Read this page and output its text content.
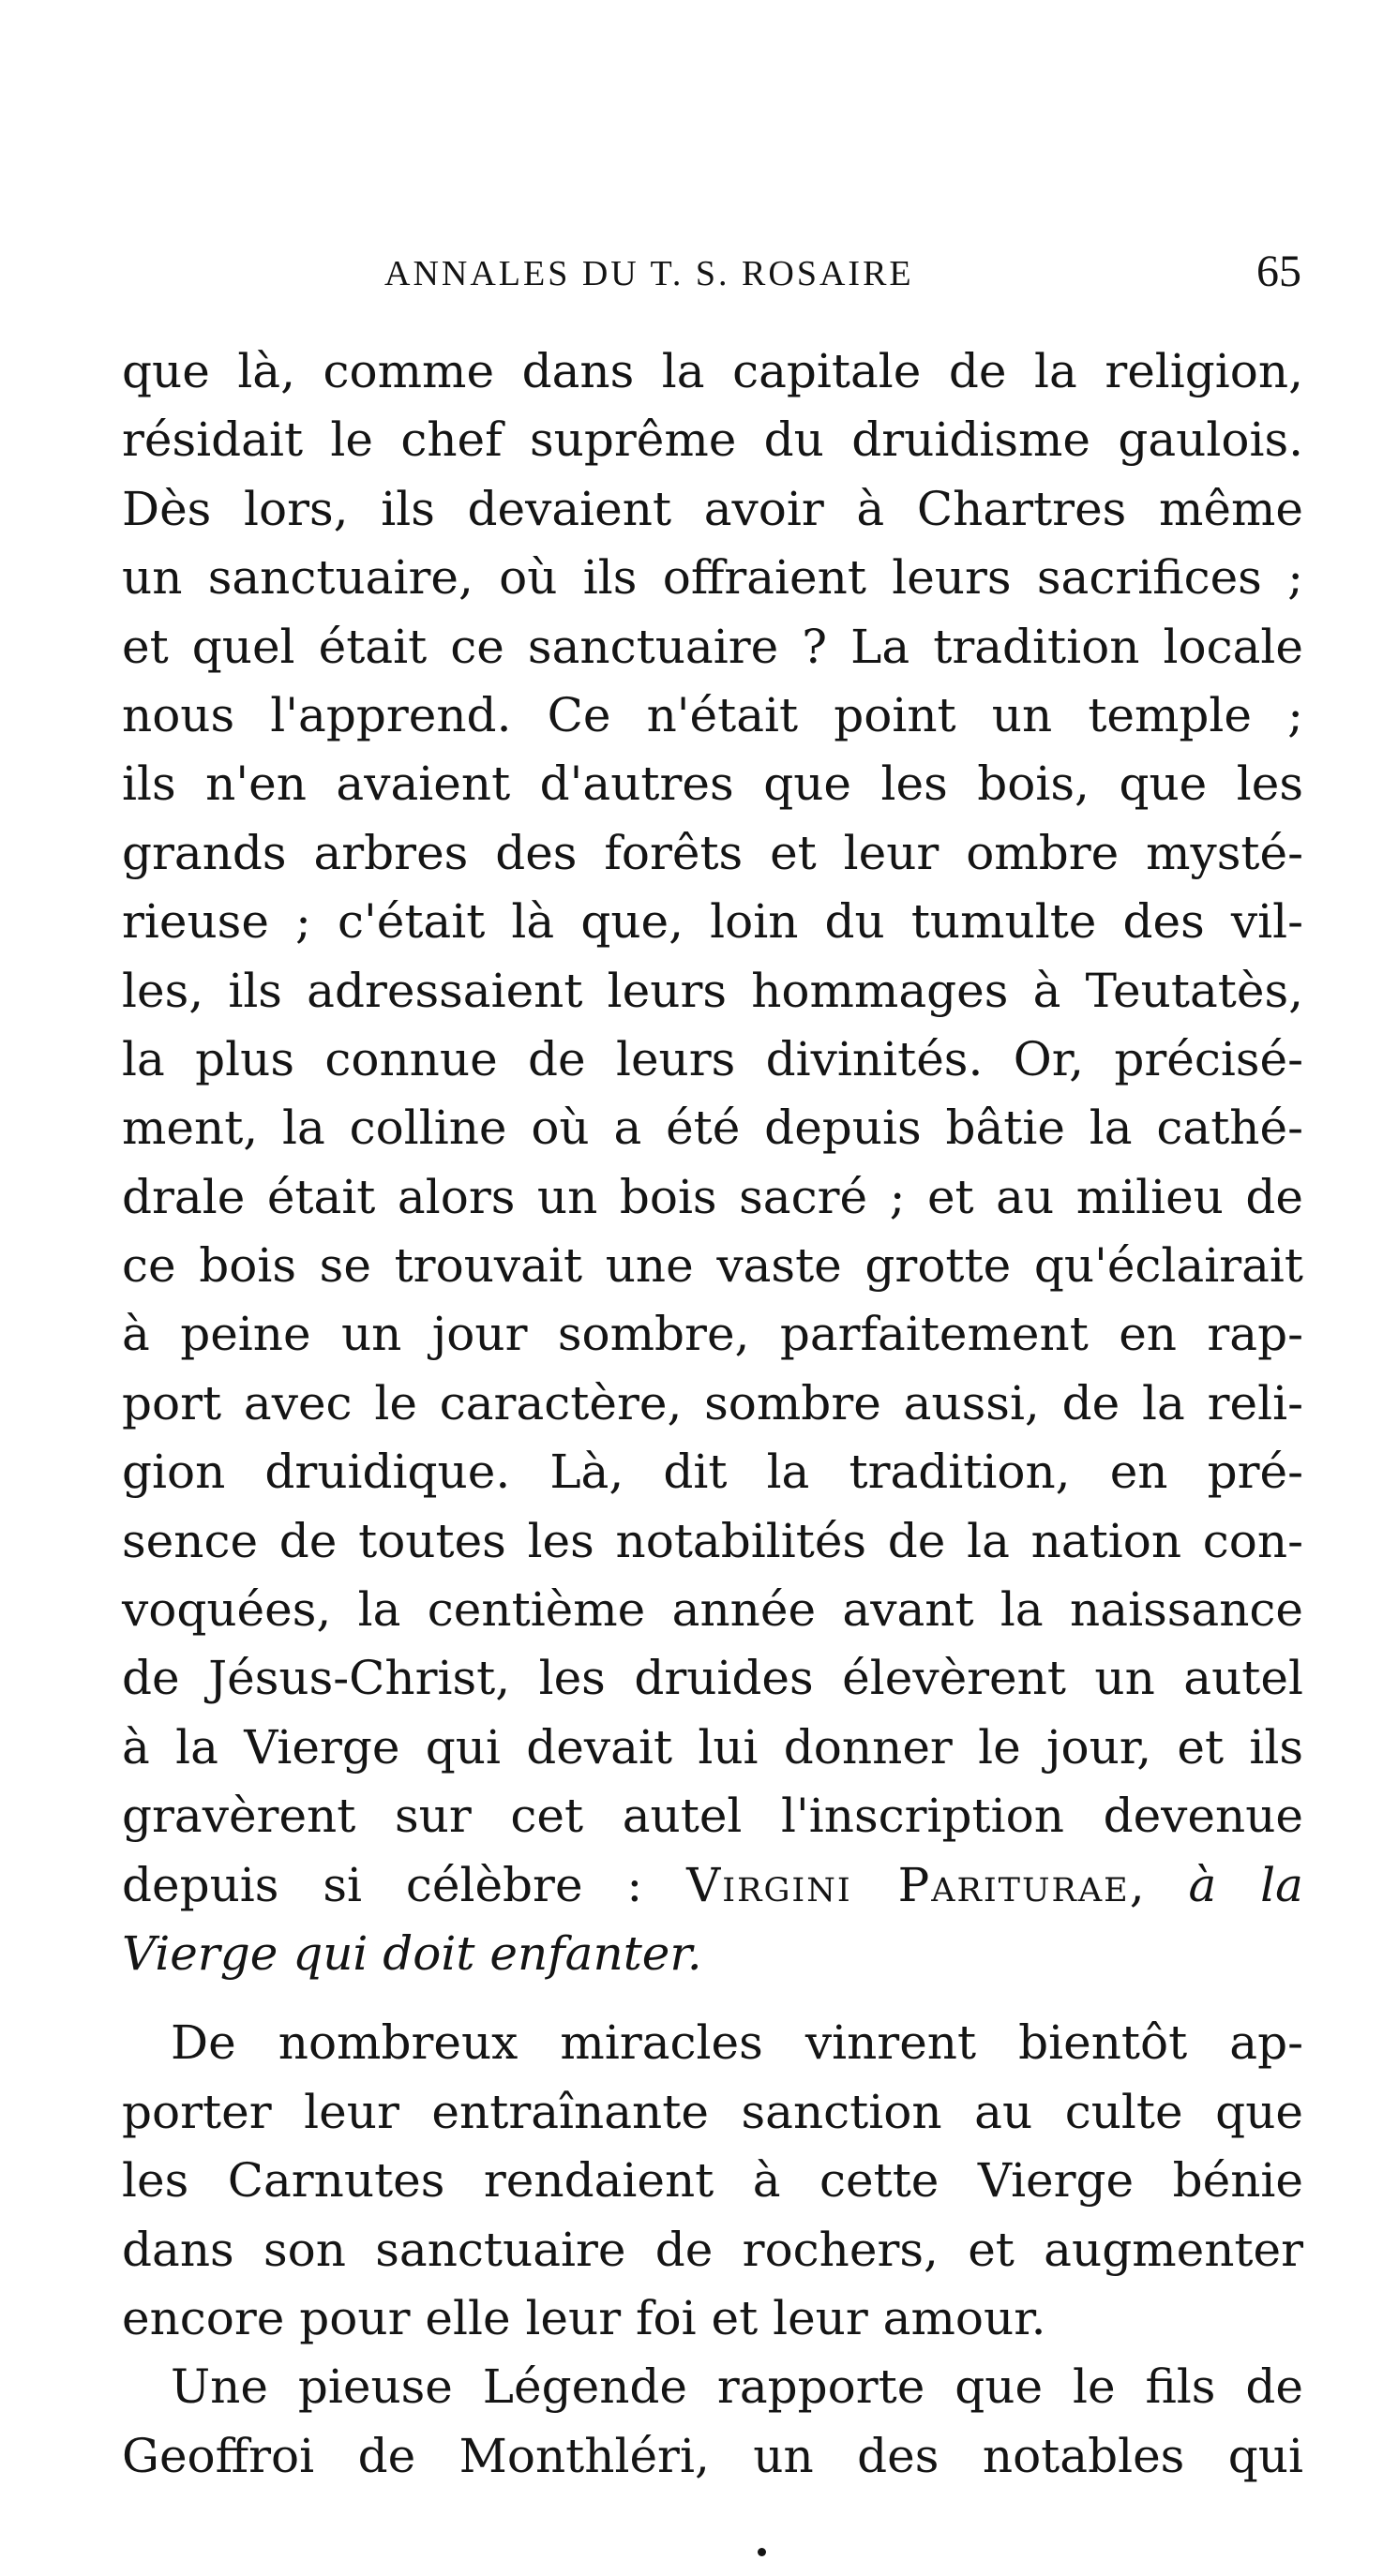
ANNALES DU T. S. ROSAIRE	65
que là, comme dans la capitale de la religion,
résidait le chef suprême du druidisme gaulois.
Dès lors, ils devaient avoir à Chartres même
un sanctuaire, où ils offraient leurs sacrifices ;
et quel était ce sanctuaire ? La tradition locale
nous l'apprend. Ce n'était point un temple ;
ils n'en avaient d'autres que les bois, que les
grands arbres des forêts et leur ombre mysté-
rieuse ; c'était là que, loin du tumulte des vil-
les, ils adressaient leurs hommages à Teutatès,
la plus connue de leurs divinités. Or, précisé-
ment, la colline où a été depuis bâtie la cathé-
drale était alors un bois sacré ; et au milieu de
ce bois se trouvait une vaste grotte qu'éclairait
à peine un jour sombre, parfaitement en rap-
port avec le caractère, sombre aussi, de la reli-
gion druidique. Là, dit la tradition, en pré-
sence de toutes les notabilités de la nation con-
voquées, la centième année avant la naissance
de Jésus-Christ, les druides élevèrent un autel
à la Vierge qui devait lui donner le jour, et ils
gravèrent sur cet autel l'inscription devenue
depuis si célèbre : Virgini Pariturae, à la
Vierge qui doit enfanter.
De nombreux miracles vinrent bientôt ap-
porter leur entraînante sanction au culte que
les Carnutes rendaient à cette Vierge bénie
dans son sanctuaire de rochers, et augmenter
encore pour elle leur foi et leur amour.
Une pieuse Légende rapporte que le fils de
Geoffroi de Monthléri, un des notables qui
